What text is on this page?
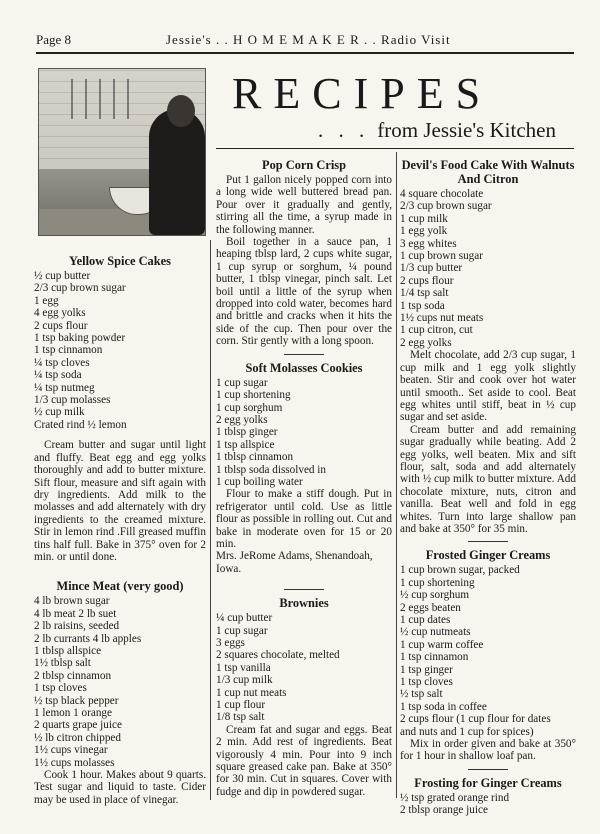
Page 8	Jessie's . . H O M E M A K E R . . Radio Visit
RECIPES
. . . from Jessie's Kitchen
Yellow Spice Cakes
½ cup butter
2/3 cup brown sugar
1 egg
4 egg yolks
2 cups flour
1 tsp baking powder
1 tsp cinnamon
¼ tsp cloves
¼ tsp soda
¼ tsp nutmeg
1/3 cup molasses
½ cup milk
Crated rind ½ lemon
Cream butter and sugar until light and fluffy. Beat egg and egg yolks thoroughly and add to butter mixture. Sift flour, measure and sift again with dry ingredients. Add milk to the molasses and add alternately with dry ingredients to the creamed mixture. Stir in lemon rind .Fill greased muffin tins half full. Bake in 375° oven for 2 min. or until done.
Mince Meat (very good)
4 lb brown sugar
4 lb meat 2 lb suet
2 lb raisins, seeded
2 lb currants 4 lb apples
1 tblsp allspice
1½ tblsp salt
2 tblsp cinnamon
1 tsp cloves
½ tsp black pepper
1 lemon 1 orange
2 quarts grape juice
½ lb citron chipped
1½ cups vinegar
1½ cups molasses
Cook 1 hour. Makes about 9 quarts. Test sugar and liquid to taste. Cider may be used in place of vinegar.
Pop Corn Crisp
Put 1 gallon nicely popped corn into a long wide well buttered bread pan. Pour over it gradually and gently, stirring all the time, a syrup made in the following manner.
Boil together in a sauce pan, 1 heaping tblsp lard, 2 cups white sugar, 1 cup syrup or sorghum, ¼ pound butter, 1 tblsp vinegar, pinch salt. Let boil until a little of the syrup when dropped into cold water, becomes hard and brittle and cracks when it hits the side of the cup. Then pour over the corn. Stir gently with a long spoon.
Soft Molasses Cookies
1 cup sugar
1 cup shortening
1 cup sorghum
2 egg yolks
1 tblsp ginger
1 tsp allspice
1 tblsp cinnamon
1 tblsp soda dissolved in
1 cup boiling water
Flour to make a stiff dough. Put in refrigerator until cold. Use as little flour as possible in rolling out. Cut and bake in moderate oven for 15 or 20 min.
Mrs. JeRome Adams, Shenandoah, Iowa.
Brownies
¼ cup butter
1 cup sugar
3 eggs
2 squares chocolate, melted
1 tsp vanilla
1/3 cup milk
1 cup nut meats
1 cup flour
1/8 tsp salt
Cream fat and sugar and eggs. Beat 2 min. Add rest of ingredients. Beat vigorously 4 min. Pour into 9 inch square greased cake pan. Bake at 350° for 30 min. Cut in squares. Cover with fudge and dip in powdered sugar.
Devil's Food Cake With Walnuts And Citron
4 square chocolate
2/3 cup brown sugar
1 cup milk
1 egg yolk
3 egg whites
1 cup brown sugar
1/3 cup butter
2 cups flour
1/4 tsp salt
1 tsp soda
1½ cups nut meats
1 cup citron, cut
2 egg yolks
Melt chocolate, add 2/3 cup sugar, 1 cup milk and 1 egg yolk slightly beaten. Stir and cook over hot water until smooth.. Set aside to cool. Beat egg whites until stiff, beat in ½ cup sugar and set aside.
Cream butter and add remaining sugar gradually while beating. Add 2 egg yolks, well beaten. Mix and sift flour, salt, soda and add alternately with ½ cup milk to butter mixture. Add chocolate mixture, nuts, citron and vanilla. Beat well and fold in egg whites. Turn into large shallow pan and bake at 350° for 35 min.
Frosted Ginger Creams
1 cup brown sugar, packed
1 cup shortening
½ cup sorghum
2 eggs beaten
1 cup dates
½ cup nutmeats
1 cup warm coffee
1 tsp cinnamon
1 tsp ginger
1 tsp cloves
½ tsp salt
1 tsp soda in coffee
2 cups flour (1 cup flour for dates
and nuts and 1 cup for spices)
Mix in order given and bake at 350° for 1 hour in shallow loaf pan.
Frosting for Ginger Creams
½ tsp grated orange rind
2 tblsp orange juice
